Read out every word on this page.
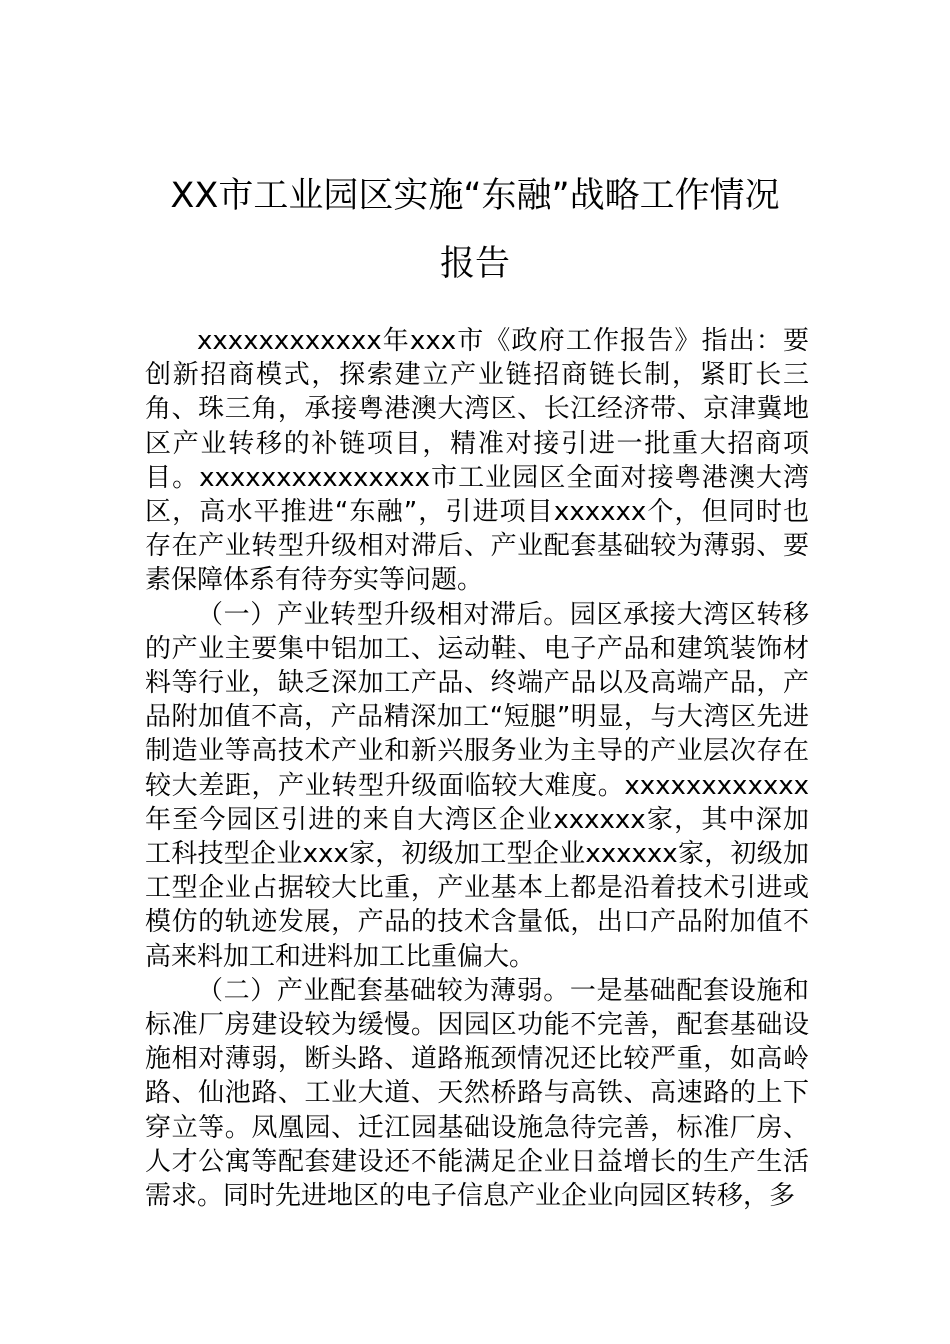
XX市工业园区实施“东融”战略工作情况
报告

xxxxxxxxxxxx年xxx市《政府工作报告》指出：要创新招商模式，探索建立产业链招商链长制，紧盯长三角、珠三角，承接粤港澳大湾区、长江经济带、京津冀地区产业转移的补链项目，精准对接引进一批重大招商项目。xxxxxxxxxxxxxxx市工业园区全面对接粤港澳大湾区，高水平推进“东融”，引进项目xxxxxx个，但同时也存在产业转型升级相对滞后、产业配套基础较为薄弱、要素保障体系有待夯实等问题。

（一）产业转型升级相对滞后。园区承接大湾区转移的产业主要集中铝加工、运动鞋、电子产品和建筑装饰材料等行业，缺乏深加工产品、终端产品以及高端产品，产品附加值不高，产品精深加工“短腿”明显，与大湾区先进制造业等高技术产业和新兴服务业为主导的产业层次存在较大差距，产业转型升级面临较大难度。xxxxxxxxxxxx年至今园区引进的来自大湾区企业xxxxxx家，其中深加工科技型企业xxx家，初级加工型企业xxxxxx家，初级加工型企业占据较大比重，产业基本上都是沿着技术引进或模仿的轨迹发展，产品的技术含量低，出口产品附加值不高来料加工和进料加工比重偏大。

（二）产业配套基础较为薄弱。一是基础配套设施和标准厂房建设较为缓慢。因园区功能不完善，配套基础设施相对薄弱，断头路、道路瓶颈情况还比较严重，如高岭路、仙池路、工业大道、天然桥路与高铁、高速路的上下穿立等。凤凰园、迁江园基础设施急待完善，标准厂房、人才公寓等配套建设还不能满足企业日益增长的生产生活需求。同时先进地区的电子信息产业企业向园区转移，多
